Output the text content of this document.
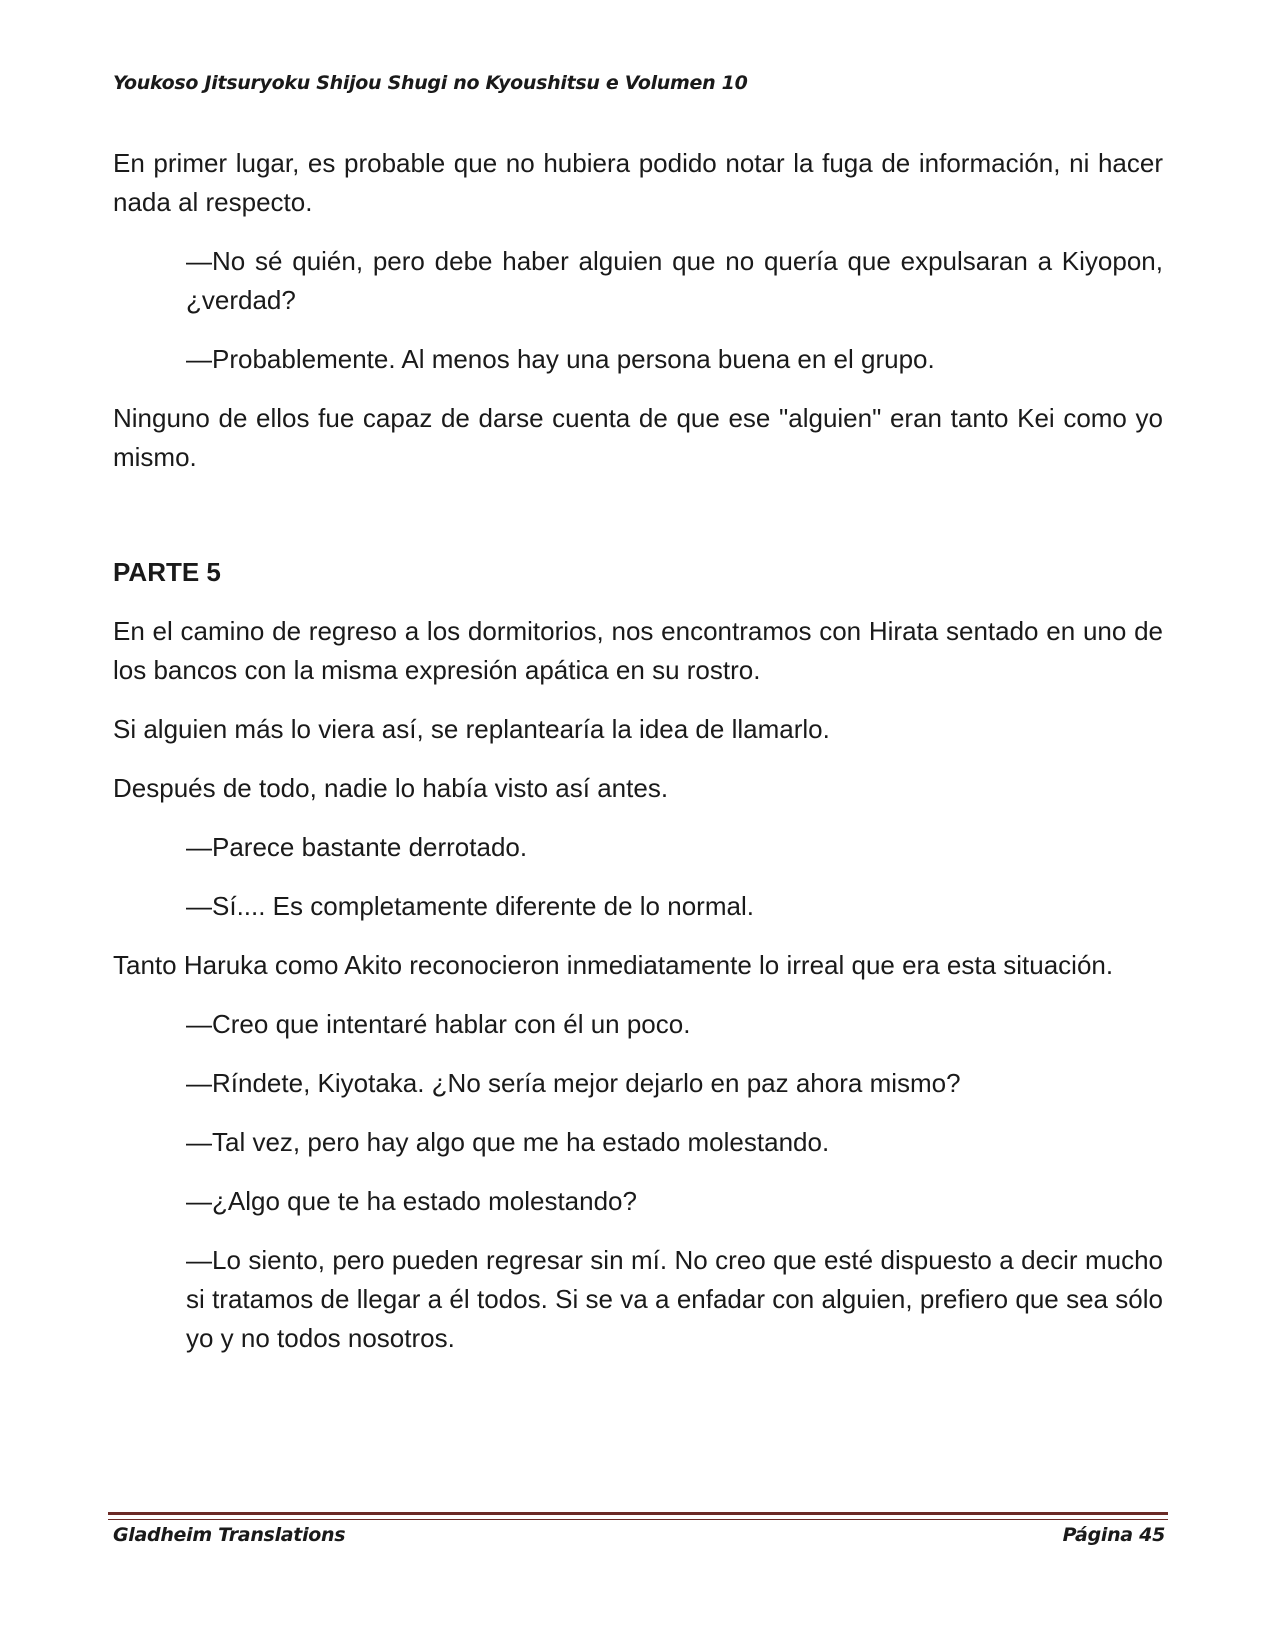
Youkoso Jitsuryoku Shijou Shugi no Kyoushitsu e Volumen 10

En primer lugar, es probable que no hubiera podido notar la fuga de información, ni hacer nada al respecto.

—No sé quién, pero debe haber alguien que no quería que expulsaran a Kiyopon, ¿verdad?

—Probablemente. Al menos hay una persona buena en el grupo.

Ninguno de ellos fue capaz de darse cuenta de que ese "alguien" eran tanto Kei como yo mismo.

PARTE 5

En el camino de regreso a los dormitorios, nos encontramos con Hirata sentado en uno de los bancos con la misma expresión apática en su rostro.

Si alguien más lo viera así, se replantearía la idea de llamarlo.

Después de todo, nadie lo había visto así antes.

—Parece bastante derrotado.

—Sí.... Es completamente diferente de lo normal.

Tanto Haruka como Akito reconocieron inmediatamente lo irreal que era esta situación.

—Creo que intentaré hablar con él un poco.

—Ríndete, Kiyotaka. ¿No sería mejor dejarlo en paz ahora mismo?

—Tal vez, pero hay algo que me ha estado molestando.

—¿Algo que te ha estado molestando?

—Lo siento, pero pueden regresar sin mí. No creo que esté dispuesto a decir mucho si tratamos de llegar a él todos. Si se va a enfadar con alguien, prefiero que sea sólo yo y no todos nosotros.

Gladheim Translations	Página 45
